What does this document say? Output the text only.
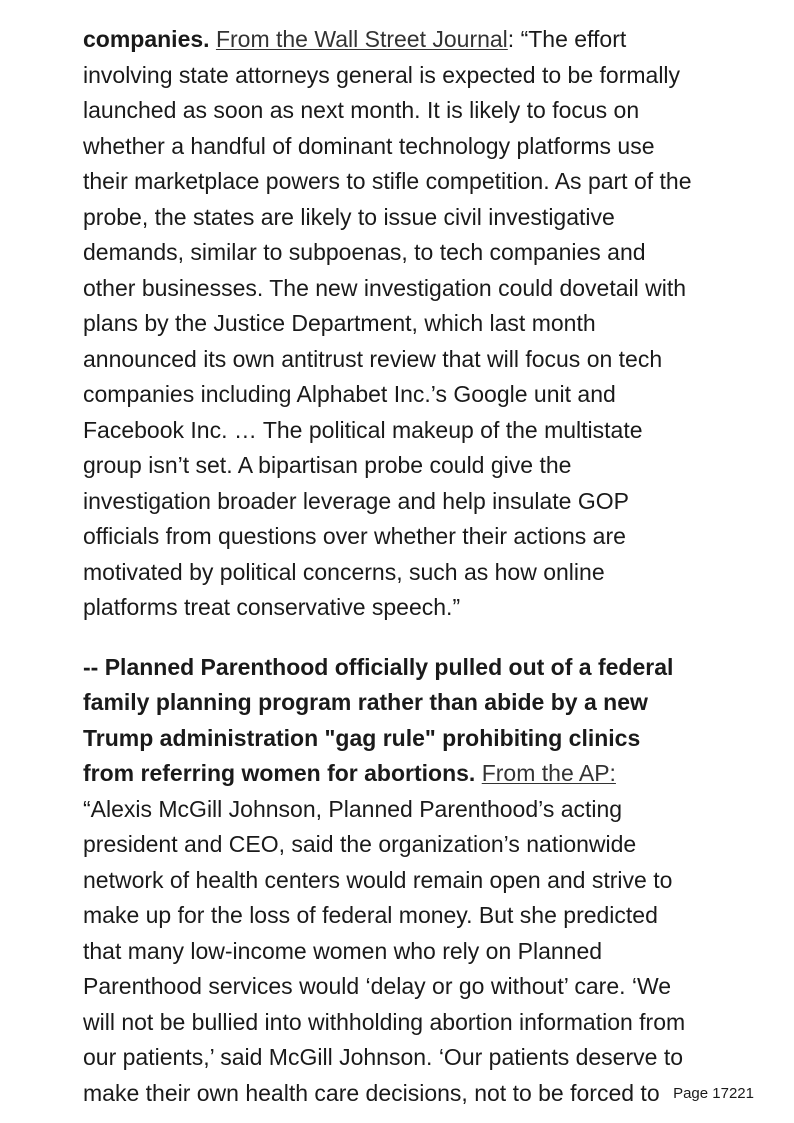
companies. From the Wall Street Journal: “The effort
involving state attorneys general is expected to be formally
launched as soon as next month. It is likely to focus on
whether a handful of dominant technology platforms use
their marketplace powers to stifle competition. As part of the
probe, the states are likely to issue civil investigative
demands, similar to subpoenas, to tech companies and
other businesses. The new investigation could dovetail with
plans by the Justice Department, which last month
announced its own antitrust review that will focus on tech
companies including Alphabet Inc.’s Google unit and
Facebook Inc. … The political makeup of the multistate
group isn’t set. A bipartisan probe could give the
investigation broader leverage and help insulate GOP
officials from questions over whether their actions are
motivated by political concerns, such as how online
platforms treat conservative speech.”
-- Planned Parenthood officially pulled out of a federal
family planning program rather than abide by a new
Trump administration "gag rule" prohibiting clinics
from referring women for abortions. From the AP:
“Alexis McGill Johnson, Planned Parenthood’s acting
president and CEO, said the organization’s nationwide
network of health centers would remain open and strive to
make up for the loss of federal money. But she predicted
that many low-income women who rely on Planned
Parenthood services would ‘delay or go without’ care. ‘We
will not be bullied into withholding abortion information from
our patients,’ said McGill Johnson. ‘Our patients deserve to
make their own health care decisions, not to be forced to Page 17221
